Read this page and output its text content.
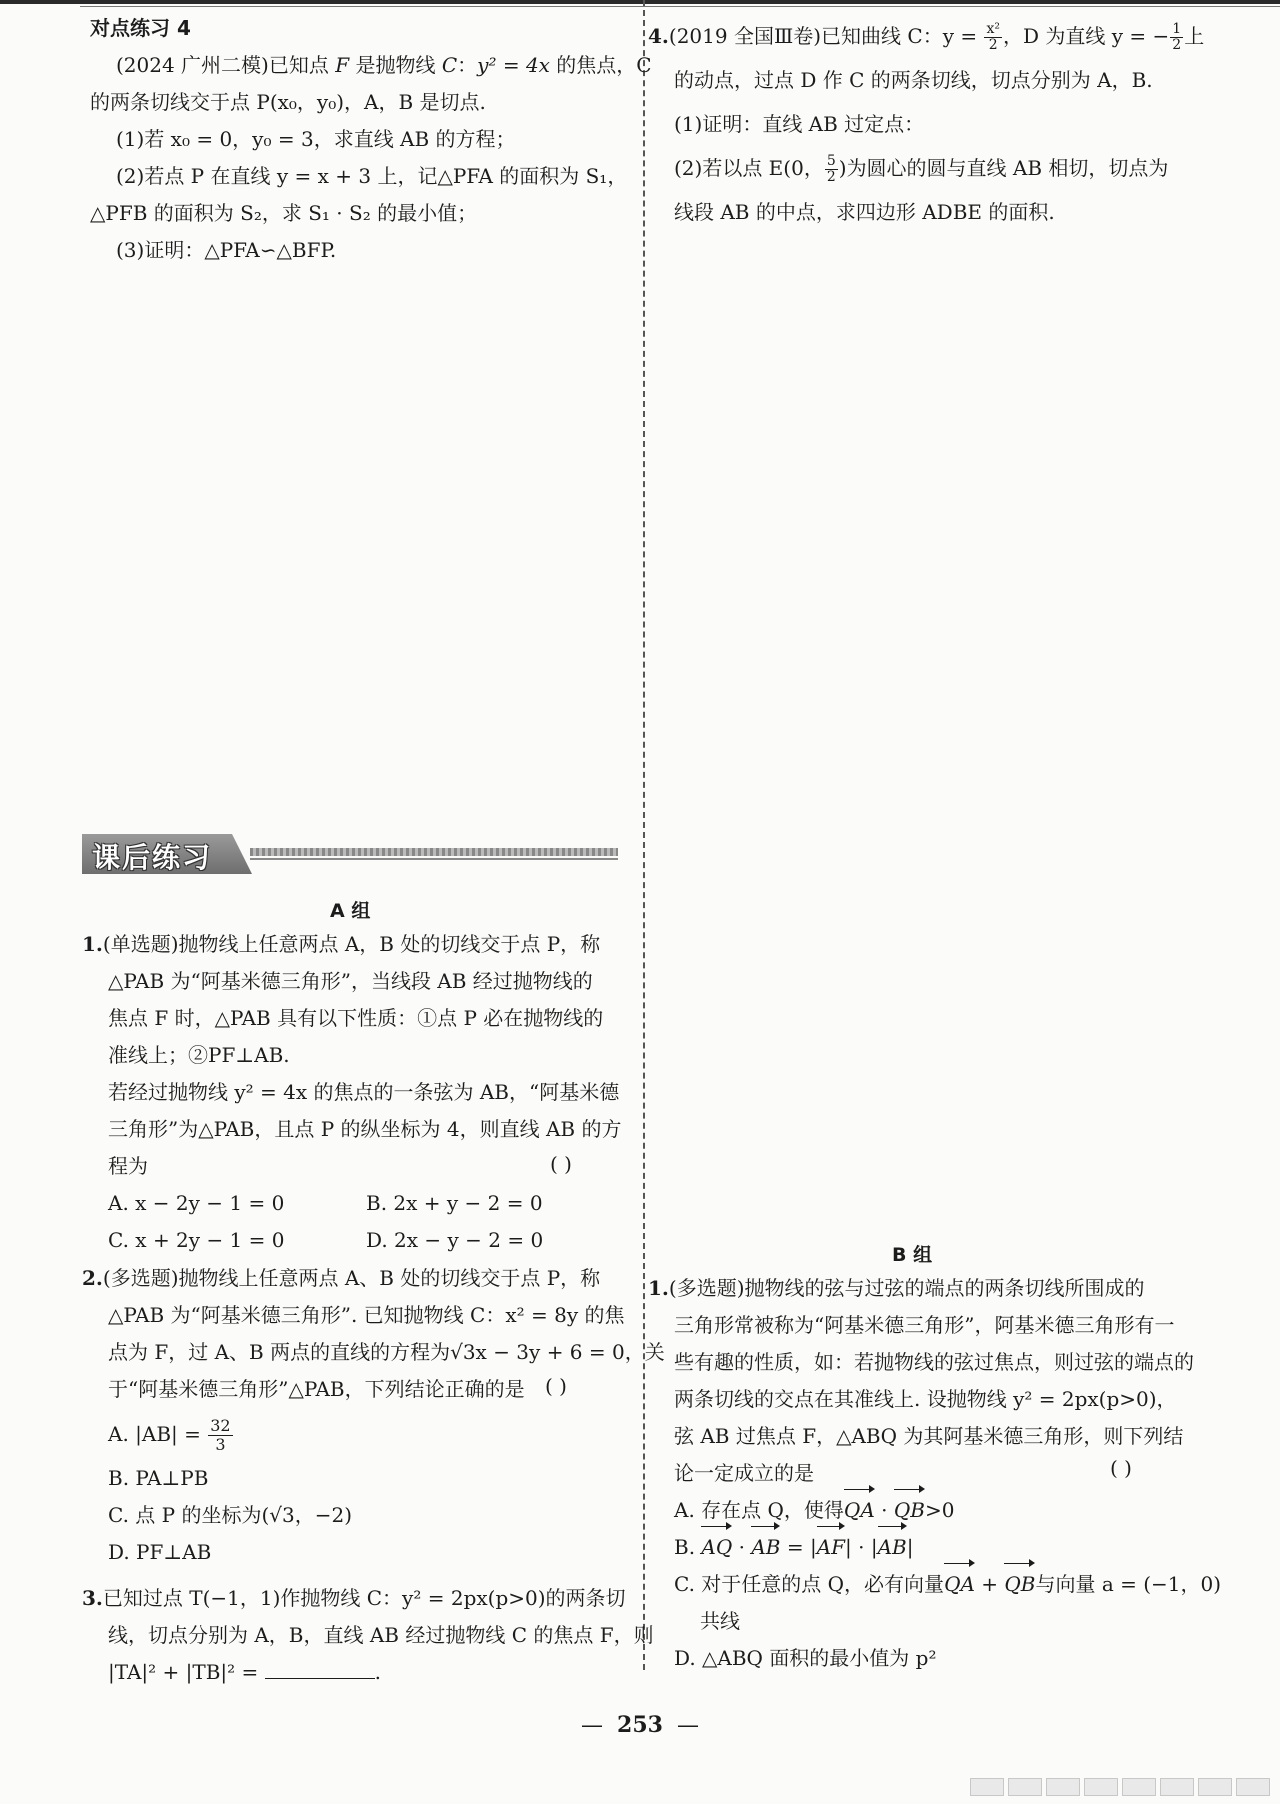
对点练习 4
(2024 广州二模)已知点 F 是抛物线 C：y² = 4x 的焦点，C
的两条切线交于点 P(x₀，y₀)，A，B 是切点.
(1)若 x₀ = 0，y₀ = 3，求直线 AB 的方程；
(2)若点 P 在直线 y = x + 3 上，记△PFA 的面积为 S₁，
△PFB 的面积为 S₂，求 S₁ · S₂ 的最小值；
(3)证明：△PFA∽△BFP.
4.(2019 全国Ⅲ卷)已知曲线 C：$y = \frac{\text{x²}}{2}$ ，D 为直线 y = − $\frac{1}{2}$ 上
的动点，过点 D 作 C 的两条切线，切点分别为 A，B.
(1)证明：直线 AB 过定点：
(2)若以点 E(0， $\frac{5}{2}$ )为圆心的圆与直线 AB 相切，切点为
线段 AB 的中点，求四边形 ADBE 的面积.
课后练习
A 组
1.(单选题)抛物线上任意两点 A，B 处的切线交于点 P，称
△PAB 为“阿基米德三角形”，当线段 AB 经过抛物线的
焦点 F 时，△PAB 具有以下性质：①点 P 必在抛物线的
准线上；②PF⊥AB.
若经过抛物线 y² = 4x 的焦点的一条弦为 AB，“阿基米德
三角形”为△PAB，且点 P 的纵坐标为 4，则直线 AB 的方
程为
A. x − 2y − 1 = 0	B. 2x + y − 2 = 0
C. x + 2y − 1 = 0	D. 2x − y − 2 = 0
( )
2.(多选题)抛物线上任意两点 A、B 处的切线交于点 P，称
△PAB 为“阿基米德三角形”. 已知抛物线 C：x² = 8y 的焦
点为 F，过 A、B 两点的直线的方程为√3x − 3y + 6 = 0，关
于“阿基米德三角形”△PAB，下列结论正确的是
A. $|AB| = \frac{32}{3}$
B. PA⊥PB
C. 点 P 的坐标为(√3，−2)
D. PF⊥AB
( )
3.已知过点 T(−1，1)作抛物线 C：y² = 2px(p>0)的两条切
线，切点分别为 A，B，直线 AB 经过抛物线 C 的焦点 F，则
|TA|² + |TB|² =	.
B 组
1.(多选题)抛物线的弦与过弦的端点的两条切线所围成的
三角形常被称为“阿基米德三角形”，阿基米德三角形有一
些有趣的性质，如：若抛物线的弦过焦点，则过弦的端点的
两条切线的交点在其准线上. 设抛物线 y² = 2px(p>0)，
弦 AB 过焦点 F，△ABQ 为其阿基米德三角形，则下列结
论一定成立的是
A. 存在点 Q，使得QA · QB>0
B. AQ · AB = |AF| · |AB|
C. 对于任意的点 Q，必有向量QA + QB与向量 a = (−1，0)
共线
D. △ABQ 面积的最小值为 p²
( )
— 253 —
